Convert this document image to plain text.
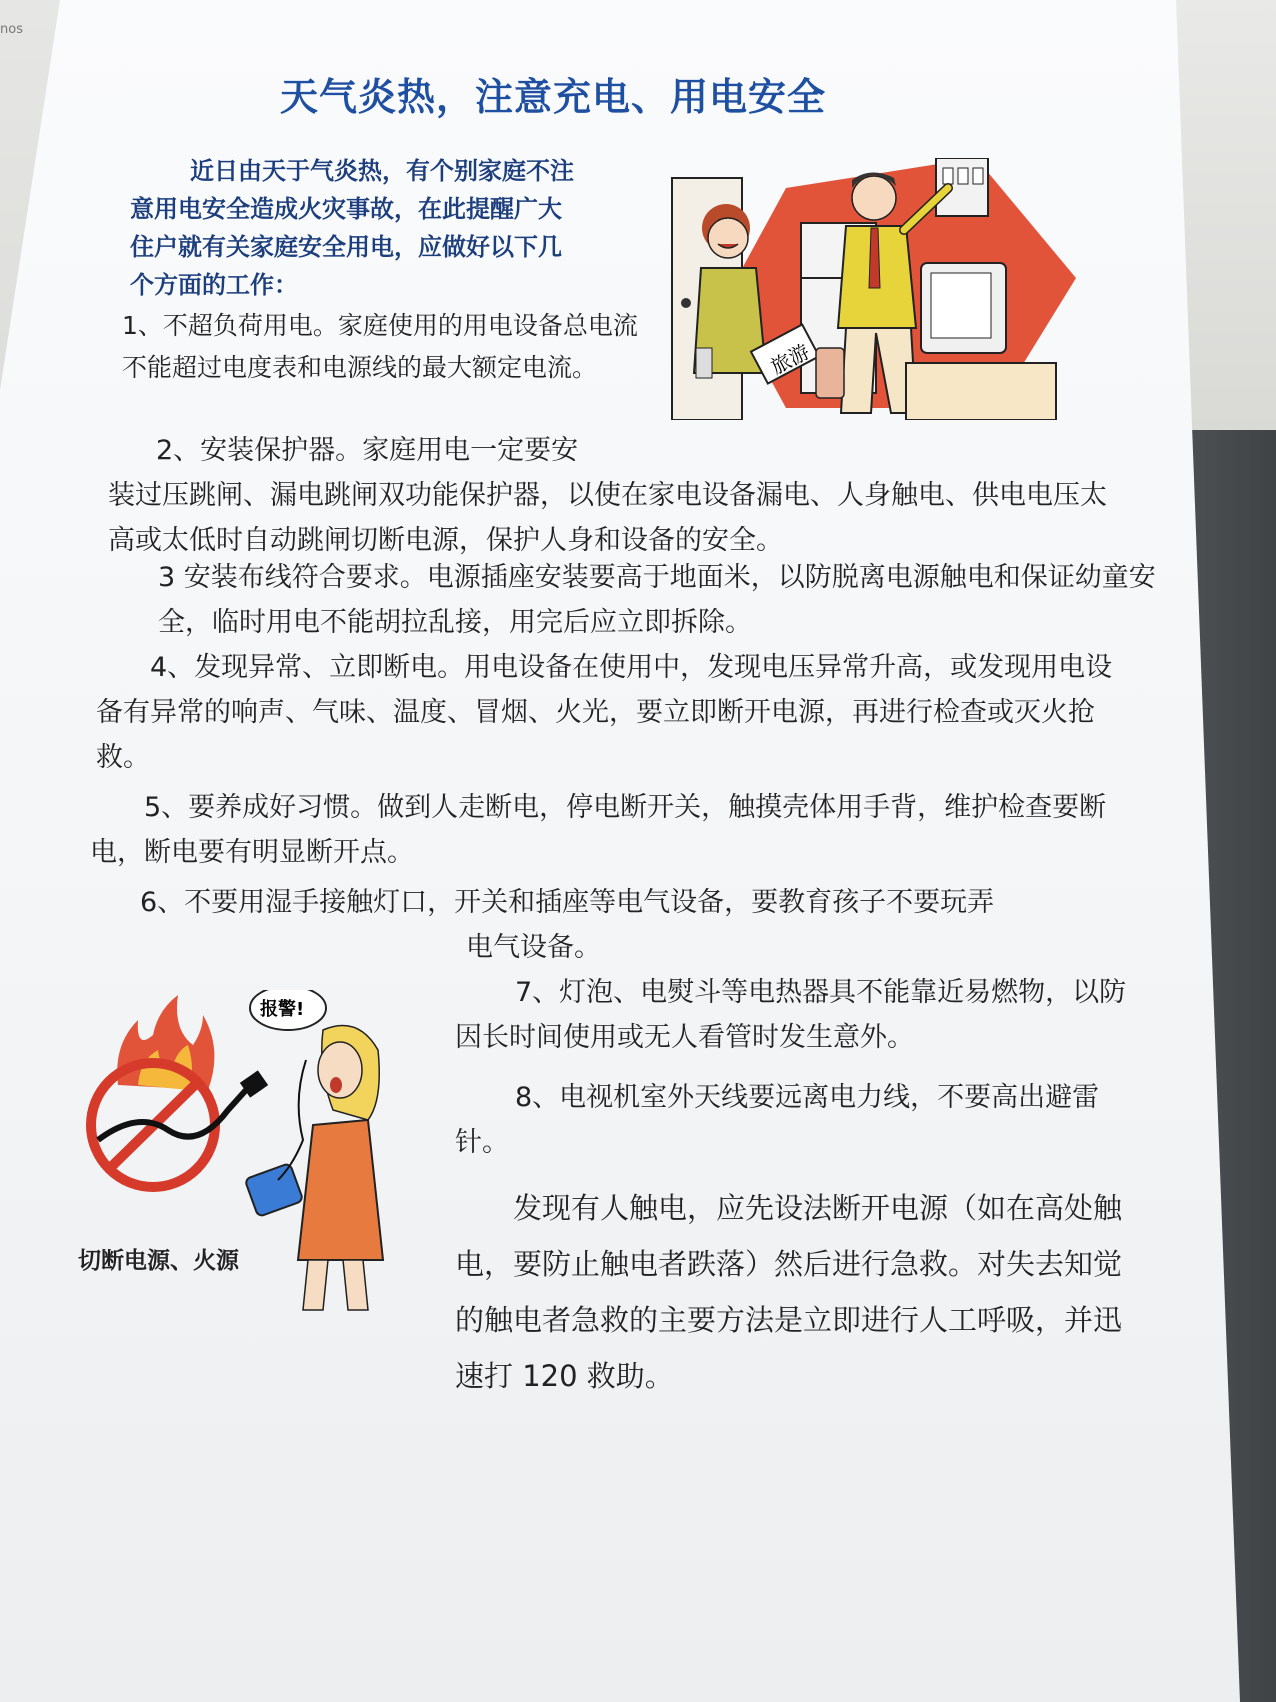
nos
天气炎热，注意充电、用电安全
近日由天于气炎热，有个别家庭不注
意用电安全造成火灾事故，在此提醒广大
住户就有关家庭安全用电，应做好以下几
个方面的工作：
旅游
1、不超负荷用电。家庭使用的用电设备总电流不能超过电度表和电源线的最大额定电流。
2、安装保护器。家庭用电一定要安
装过压跳闸、漏电跳闸双功能保护器，以使在家电设备漏电、人身触电、供电电压太高或太低时自动跳闸切断电源，保护人身和设备的安全。
3 安装布线符合要求。电源插座安装要高于地面米，以防脱离电源触电和保证幼童安全，临时用电不能胡拉乱接，用完后应立即拆除。
4、发现异常、立即断电。用电设备在使用中，发现电压异常升高，或发现用电设备有异常的响声、气味、温度、冒烟、火光，要立即断开电源，再进行检查或灭火抢救。
5、要养成好习惯。做到人走断电，停电断开关，触摸壳体用手背，维护检查要断电，断电要有明显断开点。
6、不要用湿手接触灯口，开关和插座等电气设备，要教育孩子不要玩弄
电气设备。
7、灯泡、电熨斗等电热器具不能靠近易燃物，以防因长时间使用或无人看管时发生意外。
8、电视机室外天线要远离电力线，不要高出避雷针。
发现有人触电，应先设法断开电源（如在高处触电，要防止触电者跌落）然后进行急救。对失去知觉的触电者急救的主要方法是立即进行人工呼吸，并迅速打 120 救助。
报警!
切断电源、火源
